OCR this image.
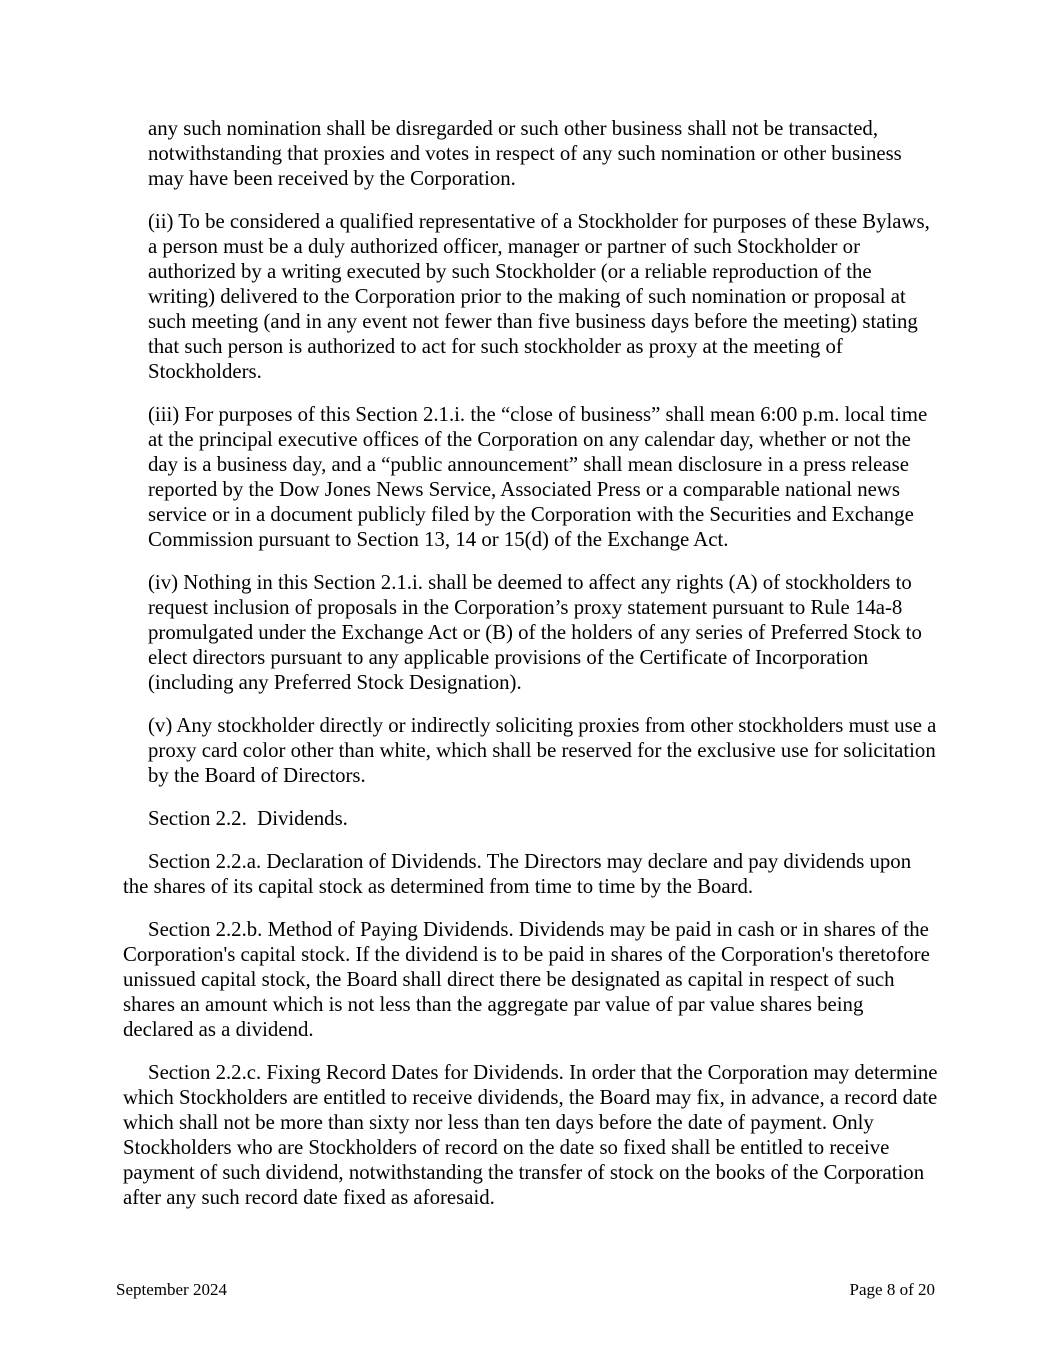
any such nomination shall be disregarded or such other business shall not be transacted, notwithstanding that proxies and votes in respect of any such nomination or other business may have been received by the Corporation.

(ii) To be considered a qualified representative of a Stockholder for purposes of these Bylaws, a person must be a duly authorized officer, manager or partner of such Stockholder or authorized by a writing executed by such Stockholder (or a reliable reproduction of the writing) delivered to the Corporation prior to the making of such nomination or proposal at such meeting (and in any event not fewer than five business days before the meeting) stating that such person is authorized to act for such stockholder as proxy at the meeting of Stockholders.

(iii) For purposes of this Section 2.1.i. the “close of business” shall mean 6:00 p.m. local time at the principal executive offices of the Corporation on any calendar day, whether or not the day is a business day, and a “public announcement” shall mean disclosure in a press release reported by the Dow Jones News Service, Associated Press or a comparable national news service or in a document publicly filed by the Corporation with the Securities and Exchange Commission pursuant to Section 13, 14 or 15(d) of the Exchange Act.

(iv) Nothing in this Section 2.1.i. shall be deemed to affect any rights (A) of stockholders to request inclusion of proposals in the Corporation’s proxy statement pursuant to Rule 14a-8 promulgated under the Exchange Act or (B) of the holders of any series of Preferred Stock to elect directors pursuant to any applicable provisions of the Certificate of Incorporation (including any Preferred Stock Designation).

(v) Any stockholder directly or indirectly soliciting proxies from other stockholders must use a proxy card color other than white, which shall be reserved for the exclusive use for solicitation by the Board of Directors.

Section 2.2.  Dividends.

Section 2.2.a. Declaration of Dividends. The Directors may declare and pay dividends upon the shares of its capital stock as determined from time to time by the Board.

Section 2.2.b. Method of Paying Dividends. Dividends may be paid in cash or in shares of the Corporation's capital stock. If the dividend is to be paid in shares of the Corporation's theretofore unissued capital stock, the Board shall direct there be designated as capital in respect of such shares an amount which is not less than the aggregate par value of par value shares being declared as a dividend.

Section 2.2.c. Fixing Record Dates for Dividends. In order that the Corporation may determine which Stockholders are entitled to receive dividends, the Board may fix, in advance, a record date which shall not be more than sixty nor less than ten days before the date of payment. Only Stockholders who are Stockholders of record on the date so fixed shall be entitled to receive payment of such dividend, notwithstanding the transfer of stock on the books of the Corporation after any such record date fixed as aforesaid.

September 2024	Page 8 of 20
